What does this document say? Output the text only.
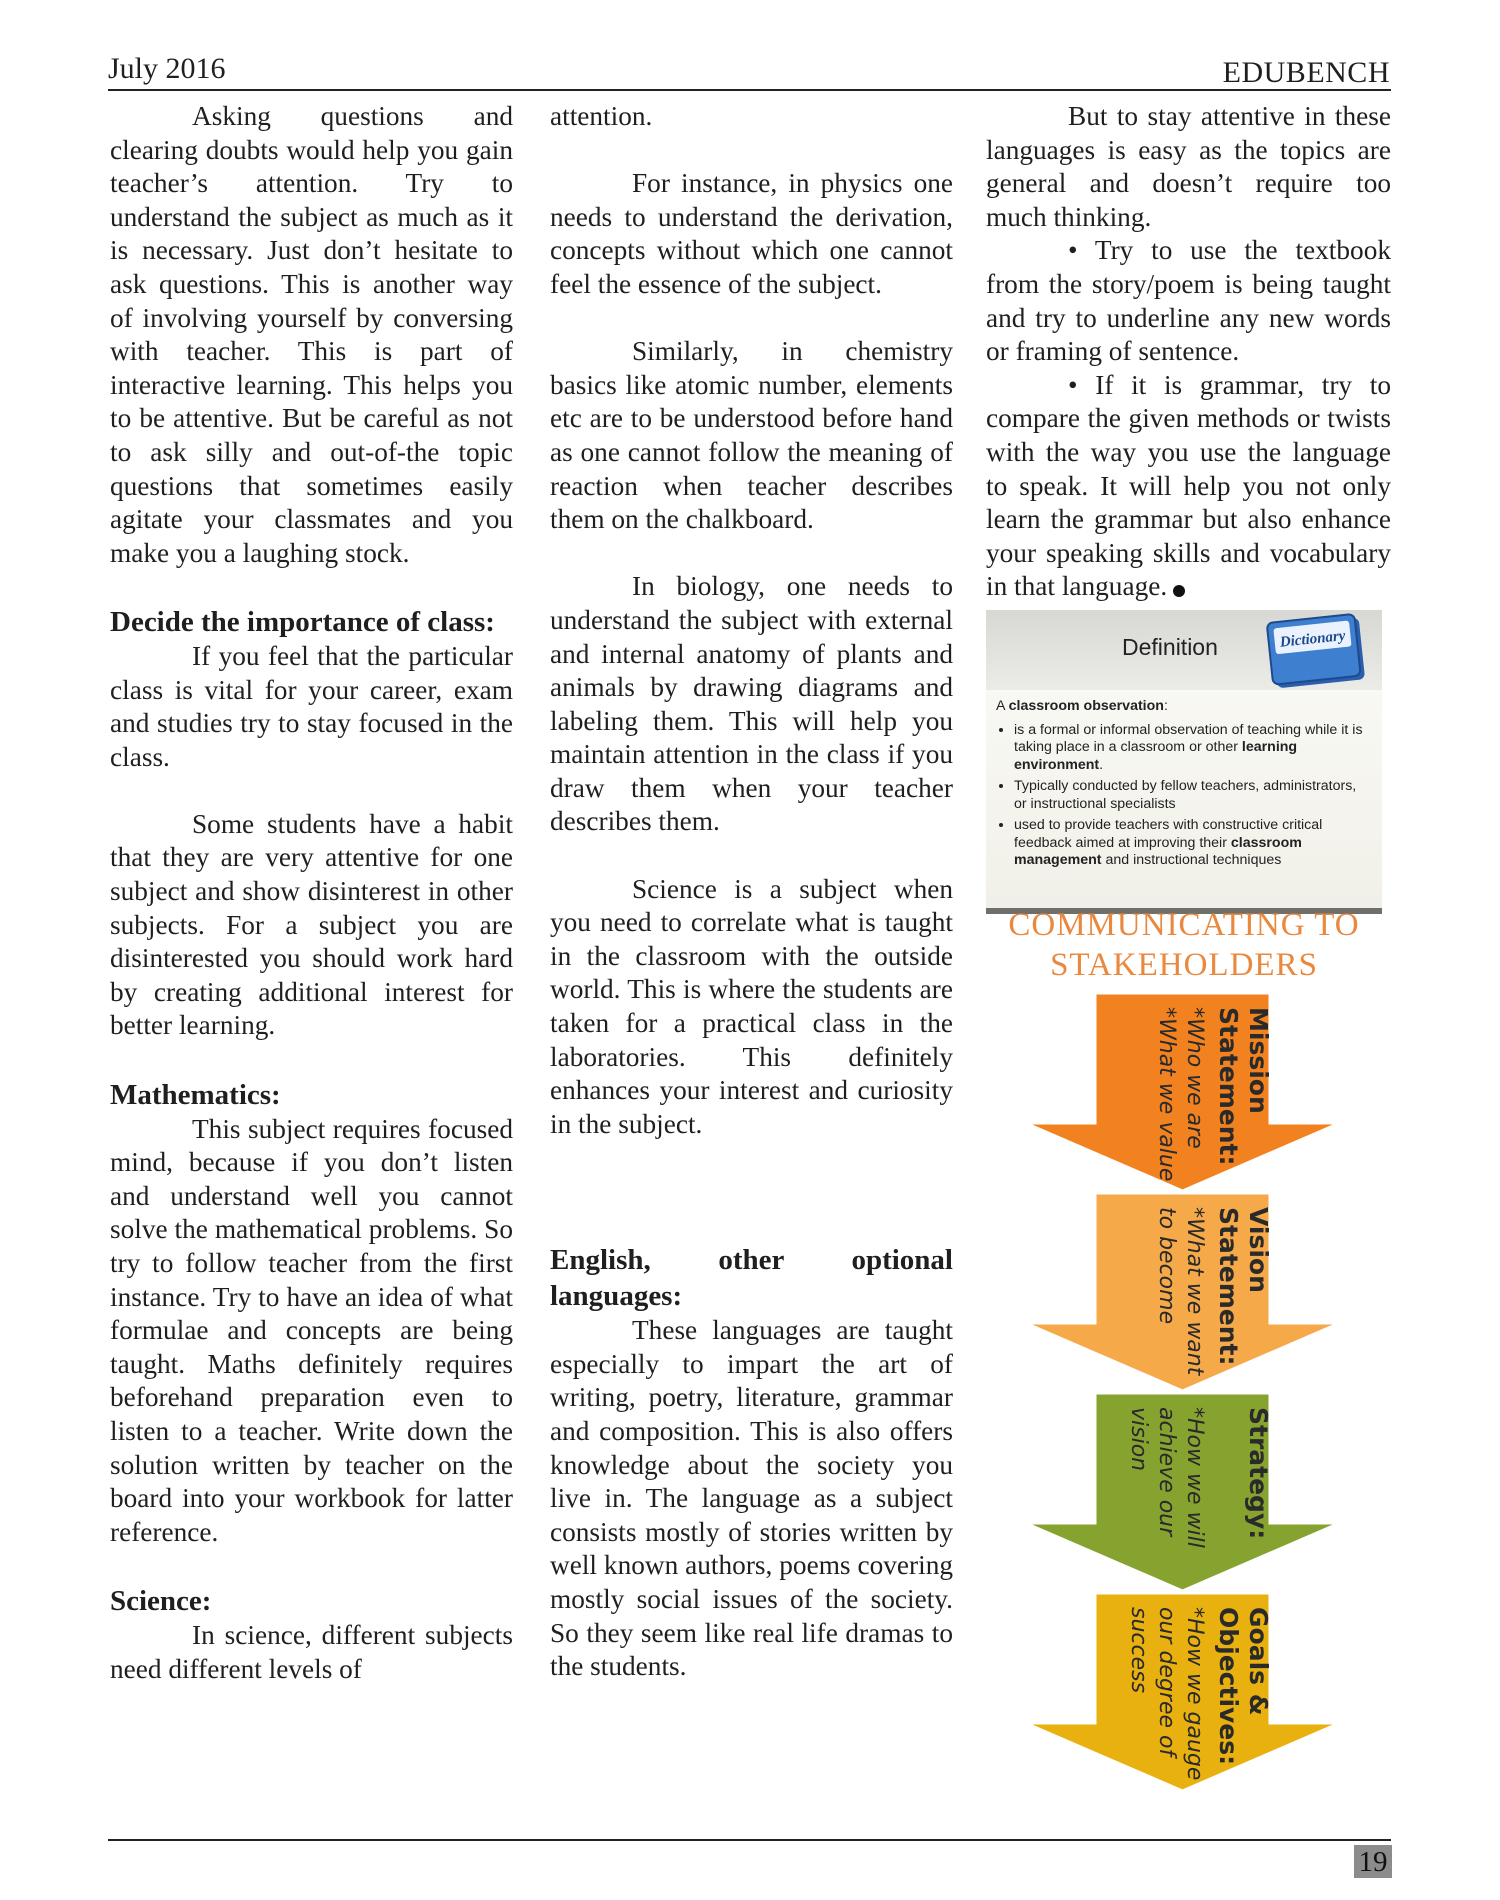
July 2016	EDUBENCH

Asking questions and clearing doubts would help you gain teacher’s attention. Try to understand the subject as much as it is necessary. Just don’t hesitate to ask questions. This is another way of involving yourself by conversing with teacher. This is part of interactive learning. This helps you to be attentive. But be careful as not to ask silly and out-of-the topic questions that sometimes easily agitate your classmates and you make you a laughing stock.

Decide the importance of class:

If you feel that the particular class is vital for your career, exam and studies try to stay focused in the class.

Some students have a habit that they are very attentive for one subject and show disinterest in other subjects. For a subject you are disinterested you should work hard by creating additional interest for better learning.

Mathematics:

This subject requires focused mind, because if you don’t listen and understand well you cannot solve the mathematical problems. So try to follow teacher from the first instance. Try to have an idea of what formulae and concepts are being taught. Maths definitely requires beforehand preparation even to listen to a teacher. Write down the solution written by teacher on the board into your workbook for latter reference.

Science:

In science, different subjects need different levels of

attention.

For instance, in physics one needs to understand the derivation, concepts without which one cannot feel the essence of the subject.

Similarly, in chemistry basics like atomic number, elements etc are to be understood before hand as one cannot follow the meaning of reaction when teacher describes them on the chalkboard.

In biology, one needs to understand the subject with external and internal anatomy of plants and animals by drawing diagrams and labeling them. This will help you maintain attention in the class if you draw them when your teacher describes them.

Science is a subject when you need to correlate what is taught in the classroom with the outside world. This is where the students are taken for a practical class in the laboratories. This definitely enhances your interest and curiosity in the subject.

English, other optional languages:

These languages are taught especially to impart the art of writing, poetry, literature, grammar and composition. This is also offers knowledge about the society you live in. The language as a subject consists mostly of stories written by well known authors, poems covering mostly social issues of the society. So they seem like real life dramas to the students.

But to stay attentive in these languages is easy as the topics are general and doesn’t require too much thinking.

• Try to use the textbook from the story/poem is being taught and try to underline any new words or framing of sentence.

• If it is grammar, try to compare the given methods or twists with the way you use the language to speak. It will help you not only learn the grammar but also enhance your speaking skills and vocabulary in that language.

Definition	Dictionary

A classroom observation:

• is a formal or informal observation of teaching while it is taking place in a classroom or other learning environment.
• Typically conducted by fellow teachers, administrators, or instructional specialists
• used to provide teachers with constructive critical feedback aimed at improving their classroom management and instructional techniques
COMMUNICATING TO
STAKEHOLDERS
Mission
Statement:
*Who we are
*What we value
Vision
Statement:
*What we want
to become
Strategy:
*How we will
achieve our
vision
Goals &
Objectives:
*How we gauge
our degree of
success
19
